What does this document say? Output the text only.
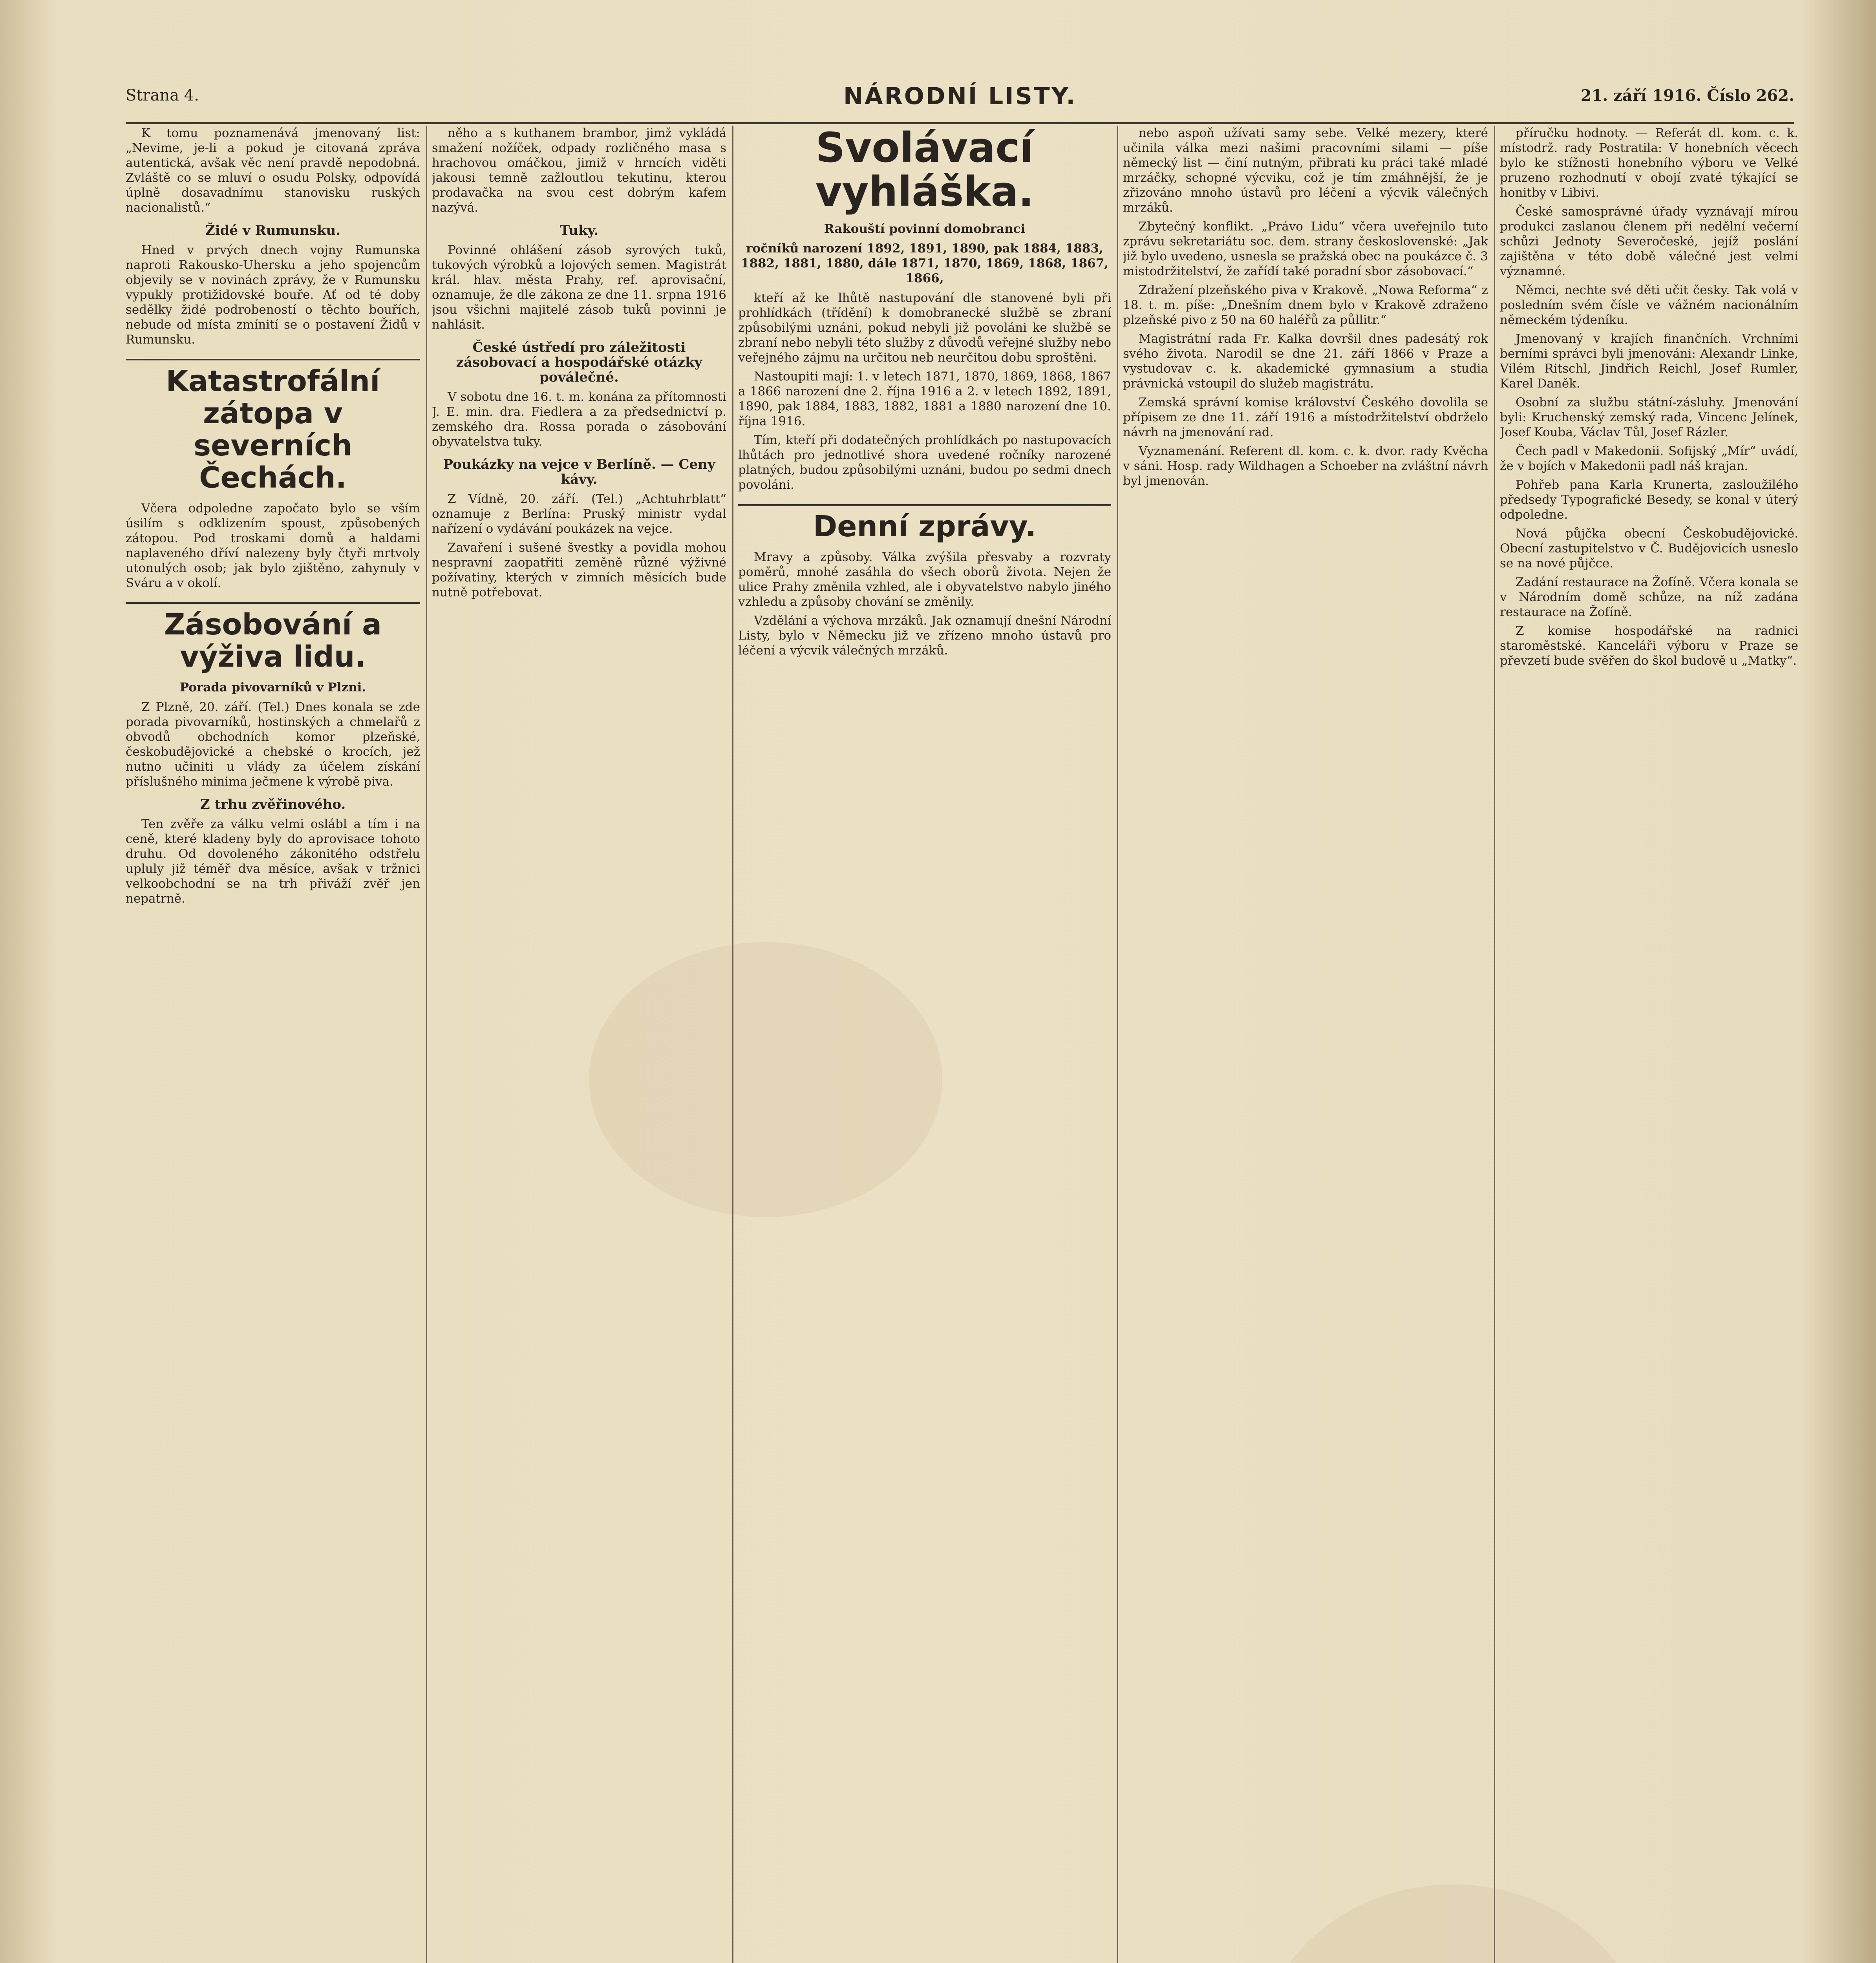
Strana 4.	NÁRODNÍ LISTY.	21. září 1916. Číslo 262.

K tomu poznamenává jmenovaný list: „Nevime, je-li a pokud je citovaná zpráva autentická, avšak věc není pravdě nepodobná. Zvláště co se mluví o osudu Polsky, odpovídá úplně dosavadnímu stanovisku ruských nacionalistů.“

Židé v Rumunsku.

Hned v prvých dnech vojny Rumunska naproti Rakousko-Uhersku a jeho spojencům objevily se v novinách zprávy, že v Rumunsku vypukly protižidovské bouře. Ať od té doby sedělky židé podrobeností o těchto bouřích, nebude od místa zmínití se o postavení Židů v Rumunsku.

Katastrofální zátopa v severních Čechách.

Včera odpoledne započato bylo se vším úsilím s odklizením spoust, způsobených zátopou. Pod troskami domů a haldami naplaveného dříví nalezeny byly čtyři mrtvoly utonulých osob; jak bylo zjištěno, zahynuly v Sváru a v okolí.

Zásobování a výživa lidu.
Porada pivovarníků v Plzni.

Z Plzně, 20. září. (Tel.) Dnes konala se zde porada pivovarníků, hostinských a chmelařů z obvodů obchodních komor plzeňské, českobudějovické a chebské o krocích, jež nutno učiniti u vlády za účelem získání příslušného minima ječmene k výrobě piva.

Z trhu zvěřinového.

Ten zvěře za válku velmi oslábl a tím i na ceně, které kladeny byly do aprovisace tohoto druhu. Od dovoleného zákonitého odstřelu upluly již téměř dva měsíce, avšak v tržnici velkoobchodní se na trh přiváží zvěř jen nepatrně.

něho a s kuthanem brambor, jimž vykládá smažení nožíček, odpady rozličného masa s hrachovou omáčkou, jimiž v hrncích viděti jakousi temně zažloutlou tekutinu, kterou prodavačka na svou cest dobrým kafem nazývá.

Tuky.

Povinné ohlášení zásob syrových tuků, tukových výrobků a lojových semen. Magistrát král. hlav. města Prahy, ref. aprovisační, oznamuje, že dle zákona ze dne 11. srpna 1916 jsou všichni majitelé zásob tuků povinni je nahlásit.

České ústředí pro záležitosti zásobovací a hospodářské otázky poválečné.

V sobotu dne 16. t. m. konána za přítomnosti J. E. min. dra. Fiedlera a za předsednictví p. zemského dra. Rossa porada o zásobování obyvatelstva tuky.

Poukázky na vejce v Berlíně. — Ceny kávy.

Z Vídně, 20. září. (Tel.) „Achtuhrblatt“ oznamuje z Berlína: Pruský ministr vydal nařízení o vydávání poukázek na vejce.

Zavaření i sušené švestky a povidla mohou nespravní zaopatřiti zeměně různé výživné požívatiny, kterých v zimních měsících bude nutně potřebovat.

Svolávací vyhláška.
Rakouští povinní domobranci
ročníků narození 1892, 1891, 1890, pak 1884, 1883, 1882, 1881, 1880, dále 1871, 1870, 1869, 1868, 1867, 1866,

kteří až ke lhůtě nastupování dle stanovené byli při prohlídkách (třídění) k domobranecké službě se zbraní způsobilými uznáni, pokud nebyli již povoláni ke službě se zbraní nebo nebyli této služby z důvodů veřejné služby nebo veřejného zájmu na určitou neb neurčitou dobu sproštěni.

Nastoupiti mají: 1. v letech 1871, 1870, 1869, 1868, 1867 a 1866 narození dne 2. října 1916 a 2. v letech 1892, 1891, 1890, pak 1884, 1883, 1882, 1881 a 1880 narození dne 10. října 1916.

Tím, kteří při dodatečných prohlídkách po nastupovacích lhůtách pro jednotlivé shora uvedené ročníky narozené platných, budou způsobilými uznáni, budou po sedmi dnech povoláni.

Denní zprávy.

Mravy a způsoby. Válka zvýšila přesvaby a rozvraty poměrů, mnohé zasáhla do všech oborů života. Nejen že ulice Prahy změnila vzhled, ale i obyvatelstvo nabylo jiného vzhledu a způsoby chování se změnily.

Vzdělání a výchova mrzáků. Jak oznamují dnešní Národní Listy, bylo v Německu již ve zřízeno mnoho ústavů pro léčení a výcvik válečných mrzáků.

nebo aspoň užívati samy sebe. Velké mezery, které učinila válka mezi našimi pracovními silami — píše německý list — činí nutným, přibrati ku práci také mladé mrzáčky, schopné výcviku, což je tím zmáhnější, že je zřizováno mnoho ústavů pro léčení a výcvik válečných mrzáků.

Zbytečný konflikt. „Právo Lidu“ včera uveřejnilo tuto zprávu sekretariátu soc. dem. strany československé: „Jak již bylo uvedeno, usnesla se pražská obec na poukázce č. 3 mistodržitelství, že zařídí také poradní sbor zásobovací.“

Zdražení plzeňského piva v Krakově. „Nowa Reforma“ z 18. t. m. píše: „Dnešním dnem bylo v Krakově zdraženo plzeňské pivo z 50 na 60 haléřů za půllitr.“

Magistrátní rada Fr. Kalka dovršil dnes padesátý rok svého života. Narodil se dne 21. září 1866 v Praze a vystudovav c. k. akademické gymnasium a studia právnická vstoupil do služeb magistrátu.

Zemská správní komise království Českého dovolila se přípisem ze dne 11. září 1916 a místodržitelství obdrželo návrh na jmenování rad.

Vyznamenání. Referent dl. kom. c. k. dvor. rady Kvěcha v sáni. Hosp. rady Wildhagen a Schoeber na zvláštní návrh byl jmenován.

příručku hodnoty. — Referát dl. kom. c. k. místodrž. rady Postratila: V honebních věcech bylo ke stížnosti honebního výboru ve Velké pruzeno rozhodnutí v obojí zvaté týkající se honitby v Libivi.

České samosprávné úřady vyznávají mírou produkci zaslanou členem při nedělní večerní schůzi Jednoty Severočeské, jejíž poslání zajištěna v této době válečné jest velmi významné.

Němci, nechte své děti učit česky. Tak volá v posledním svém čísle ve vážném nacionálním německém týdeníku.

Jmenovaný v krajích finančních. Vrchními berními správci byli jmenováni: Alexandr Linke, Vilém Ritschl, Jindřich Reichl, Josef Rumler, Karel Daněk.

Osobní za službu státní-zásluhy. Jmenování byli: Kruchenský zemský rada, Vincenc Jelínek, Josef Kouba, Václav Tůl, Josef Rázler.

Čech padl v Makedonii. Sofijský „Mír“ uvádí, že v bojích v Makedonii padl náš krajan.

Pohřeb pana Karla Krunerta, zasloužilého předsedy Typografické Besedy, se konal v úterý odpoledne.

Nová půjčka obecní Českobudějovické. Obecní zastupitelstvo v Č. Budějovicích usneslo se na nové půjčce.

Zadání restaurace na Žofíně. Včera konala se v Národním domě schůze, na níž zadána restaurace na Žofíně.

Z komise hospodářské na radnici staroměstské. Kanceláři výboru v Praze se převzetí bude svěřen do škol budově u „Matky“.
